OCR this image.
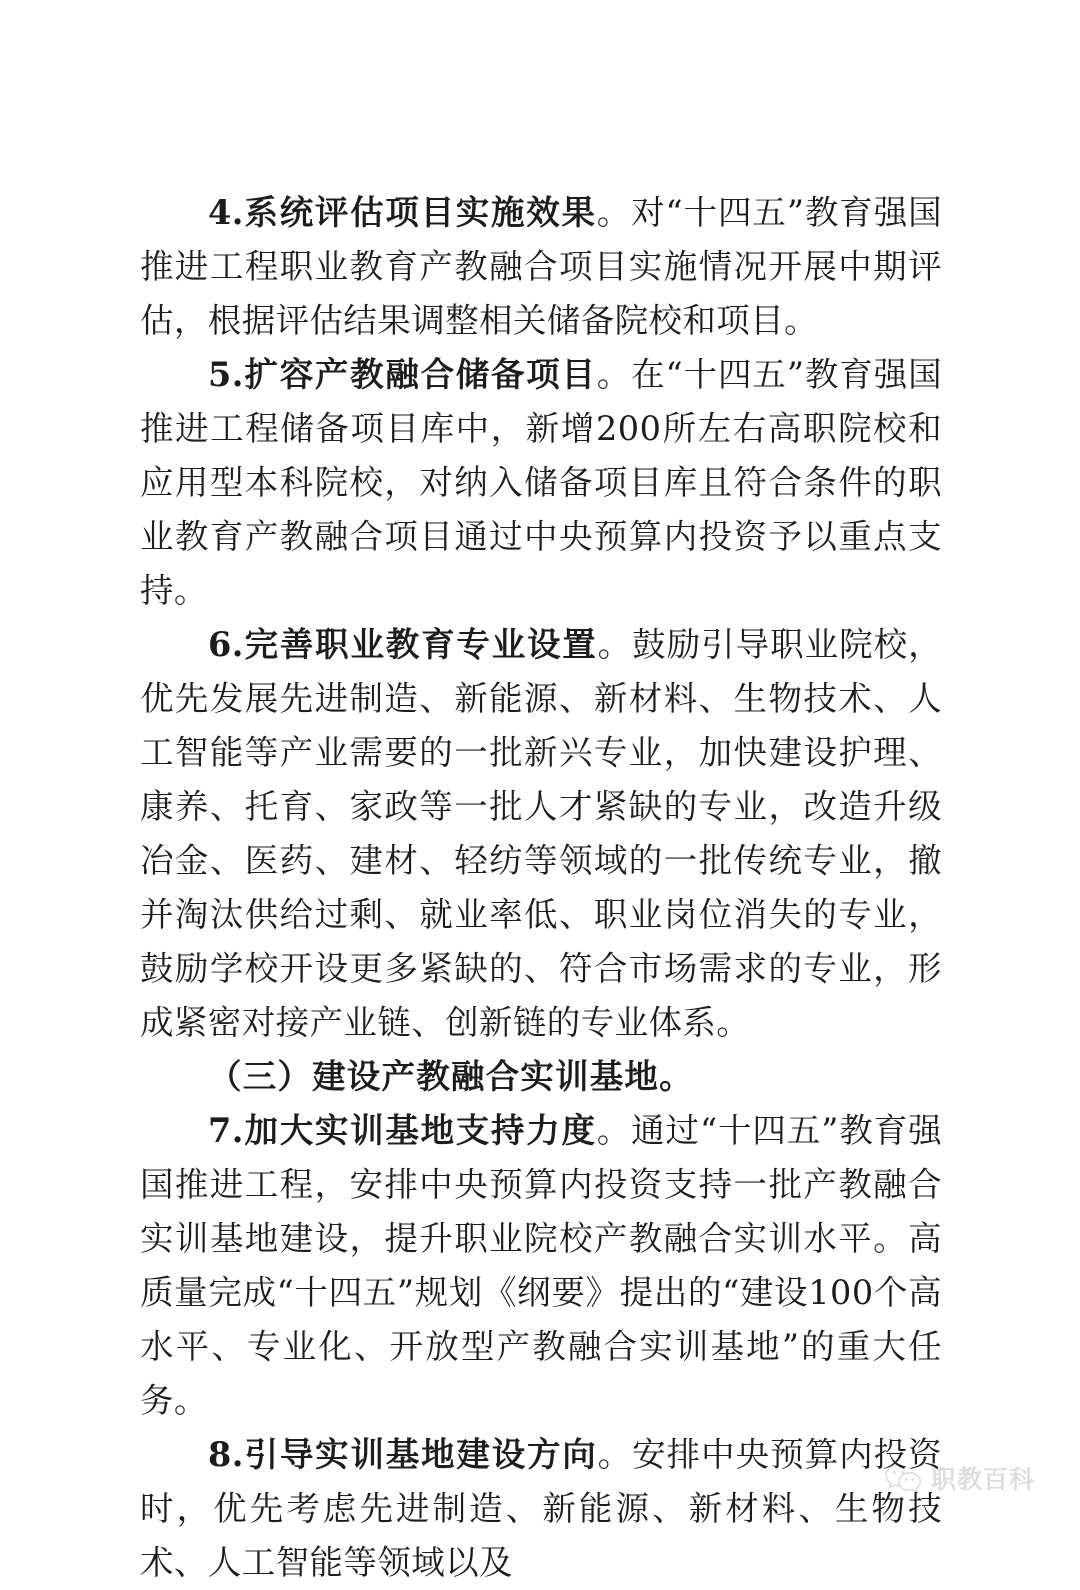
4.系统评估项目实施效果。对“十四五”教育强国推进工程职业教育产教融合项目实施情况开展中期评估，根据评估结果调整相关储备院校和项目。

5.扩容产教融合储备项目。在“十四五”教育强国推进工程储备项目库中，新增200所左右高职院校和应用型本科院校，对纳入储备项目库且符合条件的职业教育产教融合项目通过中央预算内投资予以重点支持。

6.完善职业教育专业设置。鼓励引导职业院校，优先发展先进制造、新能源、新材料、生物技术、人工智能等产业需要的一批新兴专业，加快建设护理、康养、托育、家政等一批人才紧缺的专业，改造升级冶金、医药、建材、轻纺等领域的一批传统专业，撤并淘汰供给过剩、就业率低、职业岗位消失的专业，鼓励学校开设更多紧缺的、符合市场需求的专业，形成紧密对接产业链、创新链的专业体系。

（三）建设产教融合实训基地。

7.加大实训基地支持力度。通过“十四五”教育强国推进工程，安排中央预算内投资支持一批产教融合实训基地建设，提升职业院校产教融合实训水平。高质量完成“十四五”规划《纲要》提出的“建设100个高水平、专业化、开放型产教融合实训基地”的重大任务。

8.引导实训基地建设方向。安排中央预算内投资时，优先考虑先进制造、新能源、新材料、生物技术、人工智能等领域以及

职教百科
